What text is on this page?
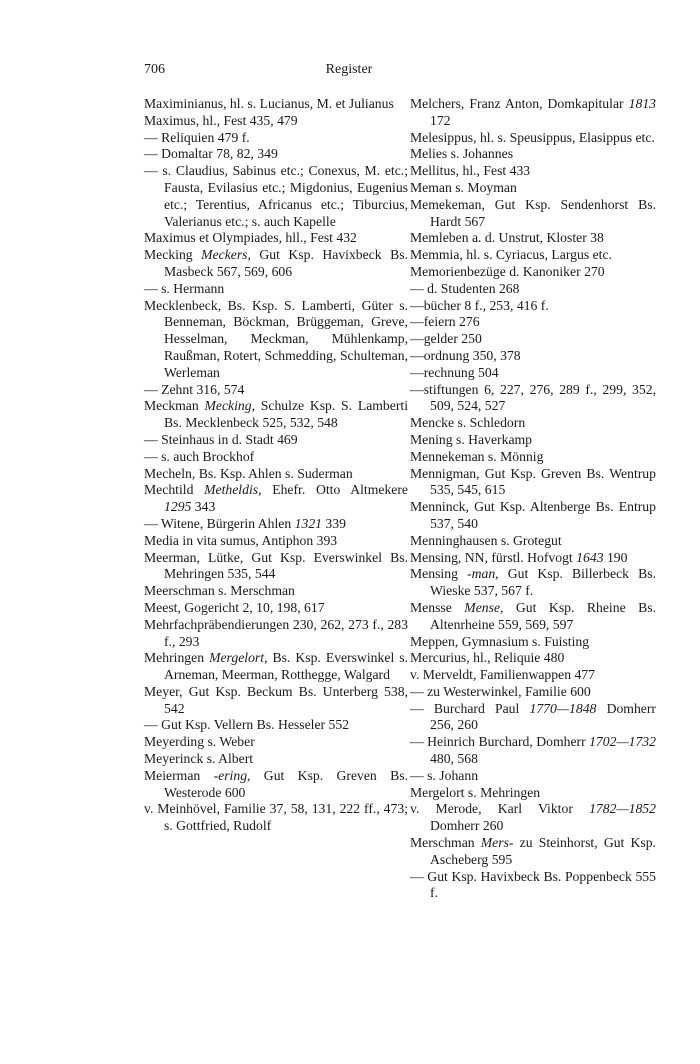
706	Register

Maximinianus, hl. s. Lucianus, M. et Julianus

Maximus, hl., Fest 435, 479

— Reliquien 479 f.

— Domaltar 78, 82, 349

— s. Claudius, Sabinus etc.; Conexus, M. etc.; Fausta, Evilasius etc.; Migdonius, Eugenius etc.; Terentius, Africanus etc.; Tiburcius, Valerianus etc.; s. auch Kapelle

Maximus et Olympiades, hll., Fest 432

Mecking Meckers, Gut Ksp. Havixbeck Bs. Masbeck 567, 569, 606

— s. Hermann

Mecklenbeck, Bs. Ksp. S. Lamberti, Güter s. Benneman, Böckman, Brüggeman, Greve, Hesselman, Meckman, Mühlenkamp, Raußman, Rotert, Schmedding, Schulteman, Werleman

— Zehnt 316, 574

Meckman Mecking, Schulze Ksp. S. Lamberti Bs. Mecklenbeck 525, 532, 548

— Steinhaus in d. Stadt 469

— s. auch Brockhof

Mecheln, Bs. Ksp. Ahlen s. Suderman

Mechtild Metheldis, Ehefr. Otto Altmekere 1295 343

— Witene, Bürgerin Ahlen 1321 339

Media in vita sumus, Antiphon 393

Meerman, Lütke, Gut Ksp. Everswinkel Bs. Mehringen 535, 544

Meerschman s. Merschman

Meest, Gogericht 2, 10, 198, 617

Mehrfachpräbendierungen 230, 262, 273 f., 283 f., 293

Mehringen Mergelort, Bs. Ksp. Everswinkel s. Arneman, Meerman, Rotthegge, Walgard

Meyer, Gut Ksp. Beckum Bs. Unterberg 538, 542

— Gut Ksp. Vellern Bs. Hesseler 552

Meyerding s. Weber

Meyerinck s. Albert

Meierman -ering, Gut Ksp. Greven Bs. Westerode 600

v. Meinhövel, Familie 37, 58, 131, 222 ff., 473; s. Gottfried, Rudolf

Melchers, Franz Anton, Domkapitular 1813 172

Melesippus, hl. s. Speusippus, Elasippus etc.

Melies s. Johannes

Mellitus, hl., Fest 433

Meman s. Moyman

Memekeman, Gut Ksp. Sendenhorst Bs. Hardt 567

Memleben a. d. Unstrut, Kloster 38

Memmia, hl. s. Cyriacus, Largus etc.

Memorienbezüge d. Kanoniker 270

— d. Studenten 268

—bücher 8 f., 253, 416 f.

—feiern 276

—gelder 250

—ordnung 350, 378

—rechnung 504

—stiftungen 6, 227, 276, 289 f., 299, 352, 509, 524, 527

Mencke s. Schledorn

Mening s. Haverkamp

Mennekeman s. Mönnig

Mennigman, Gut Ksp. Greven Bs. Wentrup 535, 545, 615

Menninck, Gut Ksp. Altenberge Bs. Entrup 537, 540

Menninghausen s. Grotegut

Mensing, NN, fürstl. Hofvogt 1643 190

Mensing -man, Gut Ksp. Billerbeck Bs. Wieske 537, 567 f.

Mensse Mense, Gut Ksp. Rheine Bs. Altenrheine 559, 569, 597

Meppen, Gymnasium s. Fuisting

Mercurius, hl., Reliquie 480

v. Merveldt, Familienwappen 477

— zu Westerwinkel, Familie 600

— Burchard Paul 1770—1848 Domherr 256, 260

— Heinrich Burchard, Domherr 1702—1732 480, 568

— s. Johann

Mergelort s. Mehringen

v. Merode, Karl Viktor 1782—1852 Domherr 260

Merschman Mers- zu Steinhorst, Gut Ksp. Ascheberg 595

— Gut Ksp. Havixbeck Bs. Poppenbeck 555 f.
